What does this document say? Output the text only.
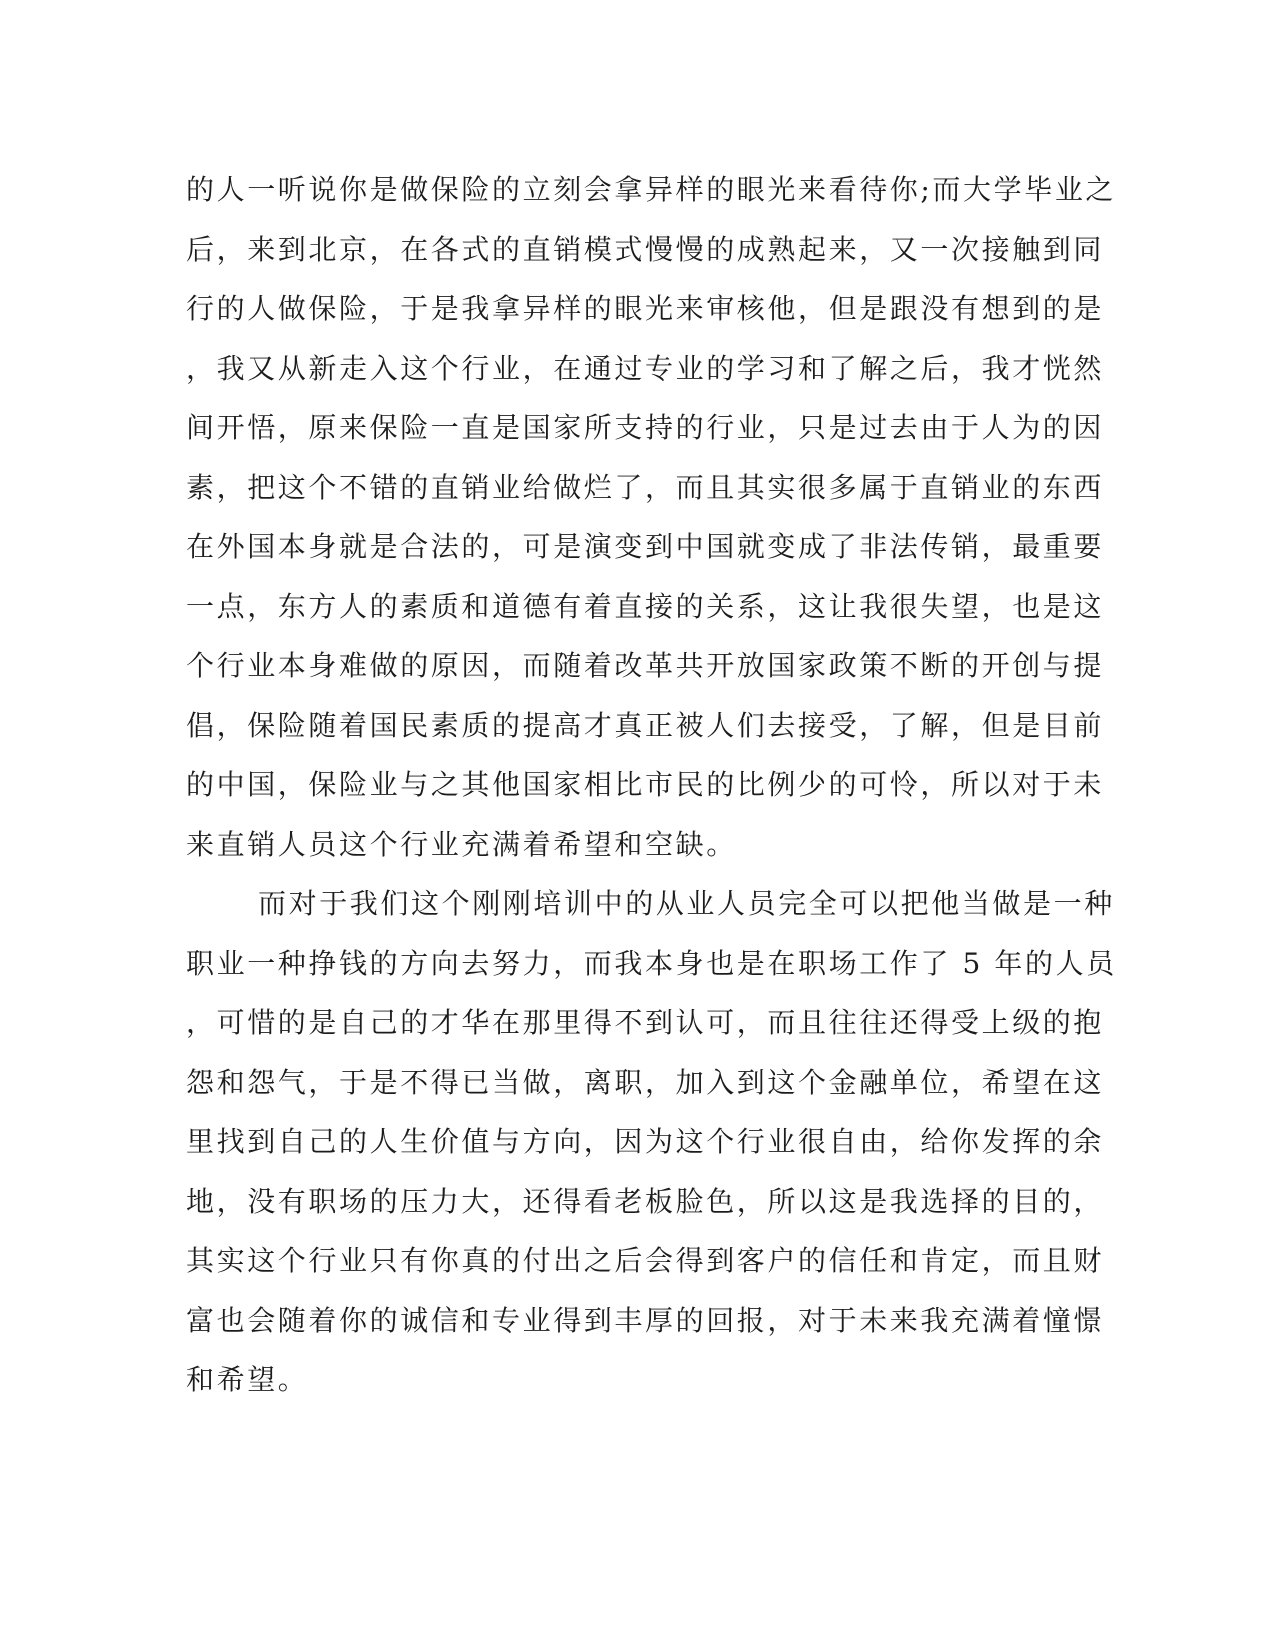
的人一听说你是做保险的立刻会拿异样的眼光来看待你;而大学毕业之
后，来到北京，在各式的直销模式慢慢的成熟起来，又一次接触到同
行的人做保险，于是我拿异样的眼光来审核他，但是跟没有想到的是
，我又从新走入这个行业，在通过专业的学习和了解之后，我才恍然
间开悟，原来保险一直是国家所支持的行业，只是过去由于人为的因
素，把这个不错的直销业给做烂了，而且其实很多属于直销业的东西
在外国本身就是合法的，可是演变到中国就变成了非法传销，最重要
一点，东方人的素质和道德有着直接的关系，这让我很失望，也是这
个行业本身难做的原因，而随着改革共开放国家政策不断的开创与提
倡，保险随着国民素质的提高才真正被人们去接受，了解，但是目前
的中国，保险业与之其他国家相比市民的比例少的可怜，所以对于未
来直销人员这个行业充满着希望和空缺。
而对于我们这个刚刚培训中的从业人员完全可以把他当做是一种
职业一种挣钱的方向去努力，而我本身也是在职场工作了 5 年的人员
，可惜的是自己的才华在那里得不到认可，而且往往还得受上级的抱
怨和怨气，于是不得已当做，离职，加入到这个金融单位，希望在这
里找到自己的人生价值与方向，因为这个行业很自由，给你发挥的余
地，没有职场的压力大，还得看老板脸色，所以这是我选择的目的，
其实这个行业只有你真的付出之后会得到客户的信任和肯定，而且财
富也会随着你的诚信和专业得到丰厚的回报，对于未来我充满着憧憬
和希望。
